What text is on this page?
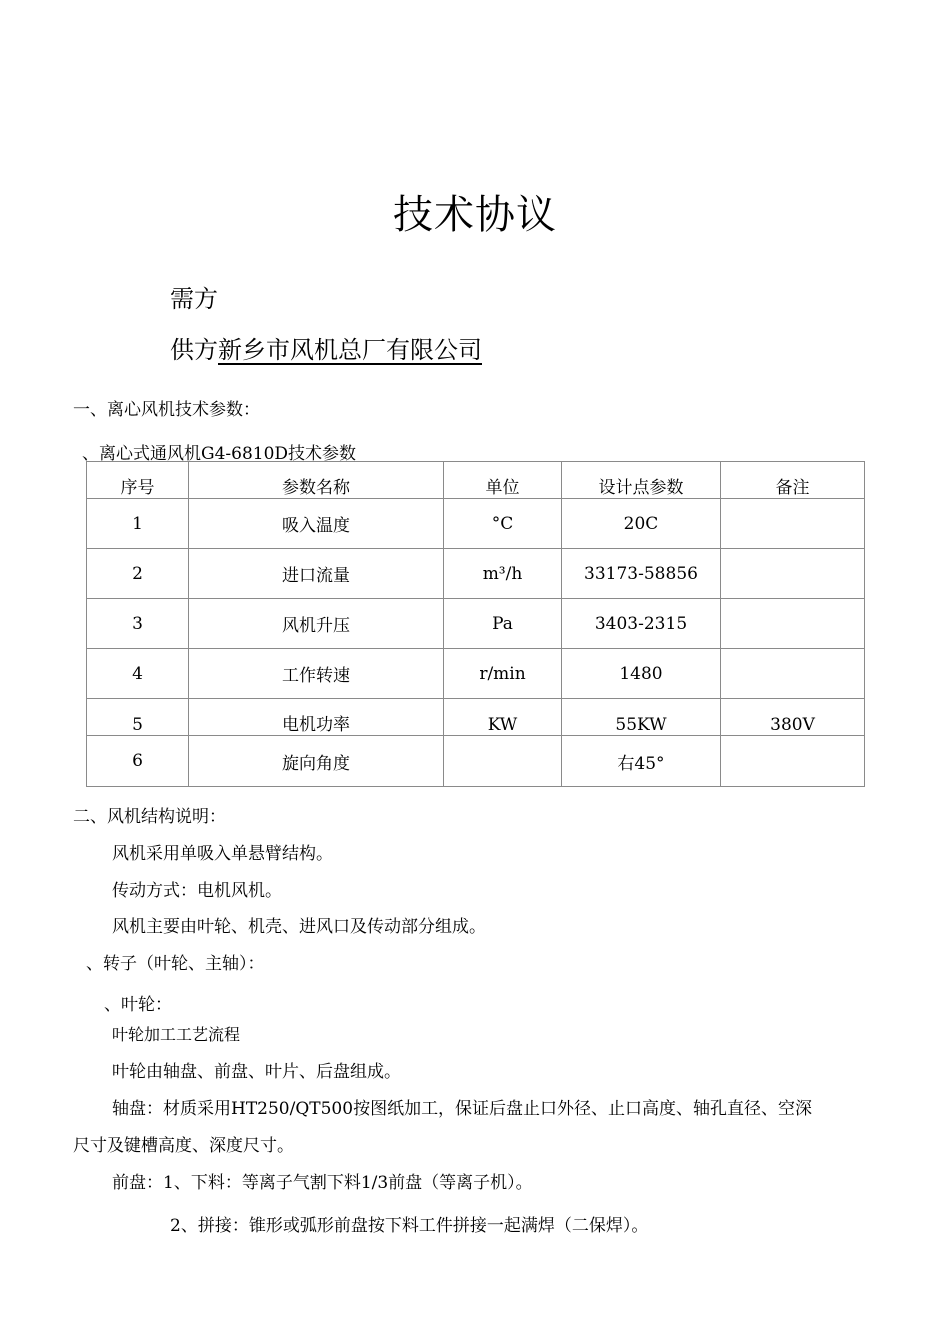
技术协议
需方
供方新乡市风机总厂有限公司
一、离心风机技术参数：
、离心式通风机G4-6810D技术参数
序号	参数名称	单位	设计点参数	备注
1	吸入温度	°C	20C	
2	进口流量	m³/h	33173-58856	
3	风机升压	Pa	3403-2315	
4	工作转速	r/min	1480	
5	电机功率	KW	55KW	380V
6	旋向角度		右45°	
二、风机结构说明：
风机采用单吸入单悬臂结构。
传动方式：电机风机。
风机主要由叶轮、机壳、进风口及传动部分组成。
、转子（叶轮、主轴）：
、叶轮：
叶轮加工工艺流程
叶轮由轴盘、前盘、叶片、后盘组成。
轴盘：材质采用HT250/QT500按图纸加工，保证后盘止口外径、止口高度、轴孔直径、空深
尺寸及键槽高度、深度尺寸。
前盘：1、下料：等离子气割下料1/3前盘（等离子机）。
2、拼接：锥形或弧形前盘按下料工件拼接一起满焊（二保焊）。
